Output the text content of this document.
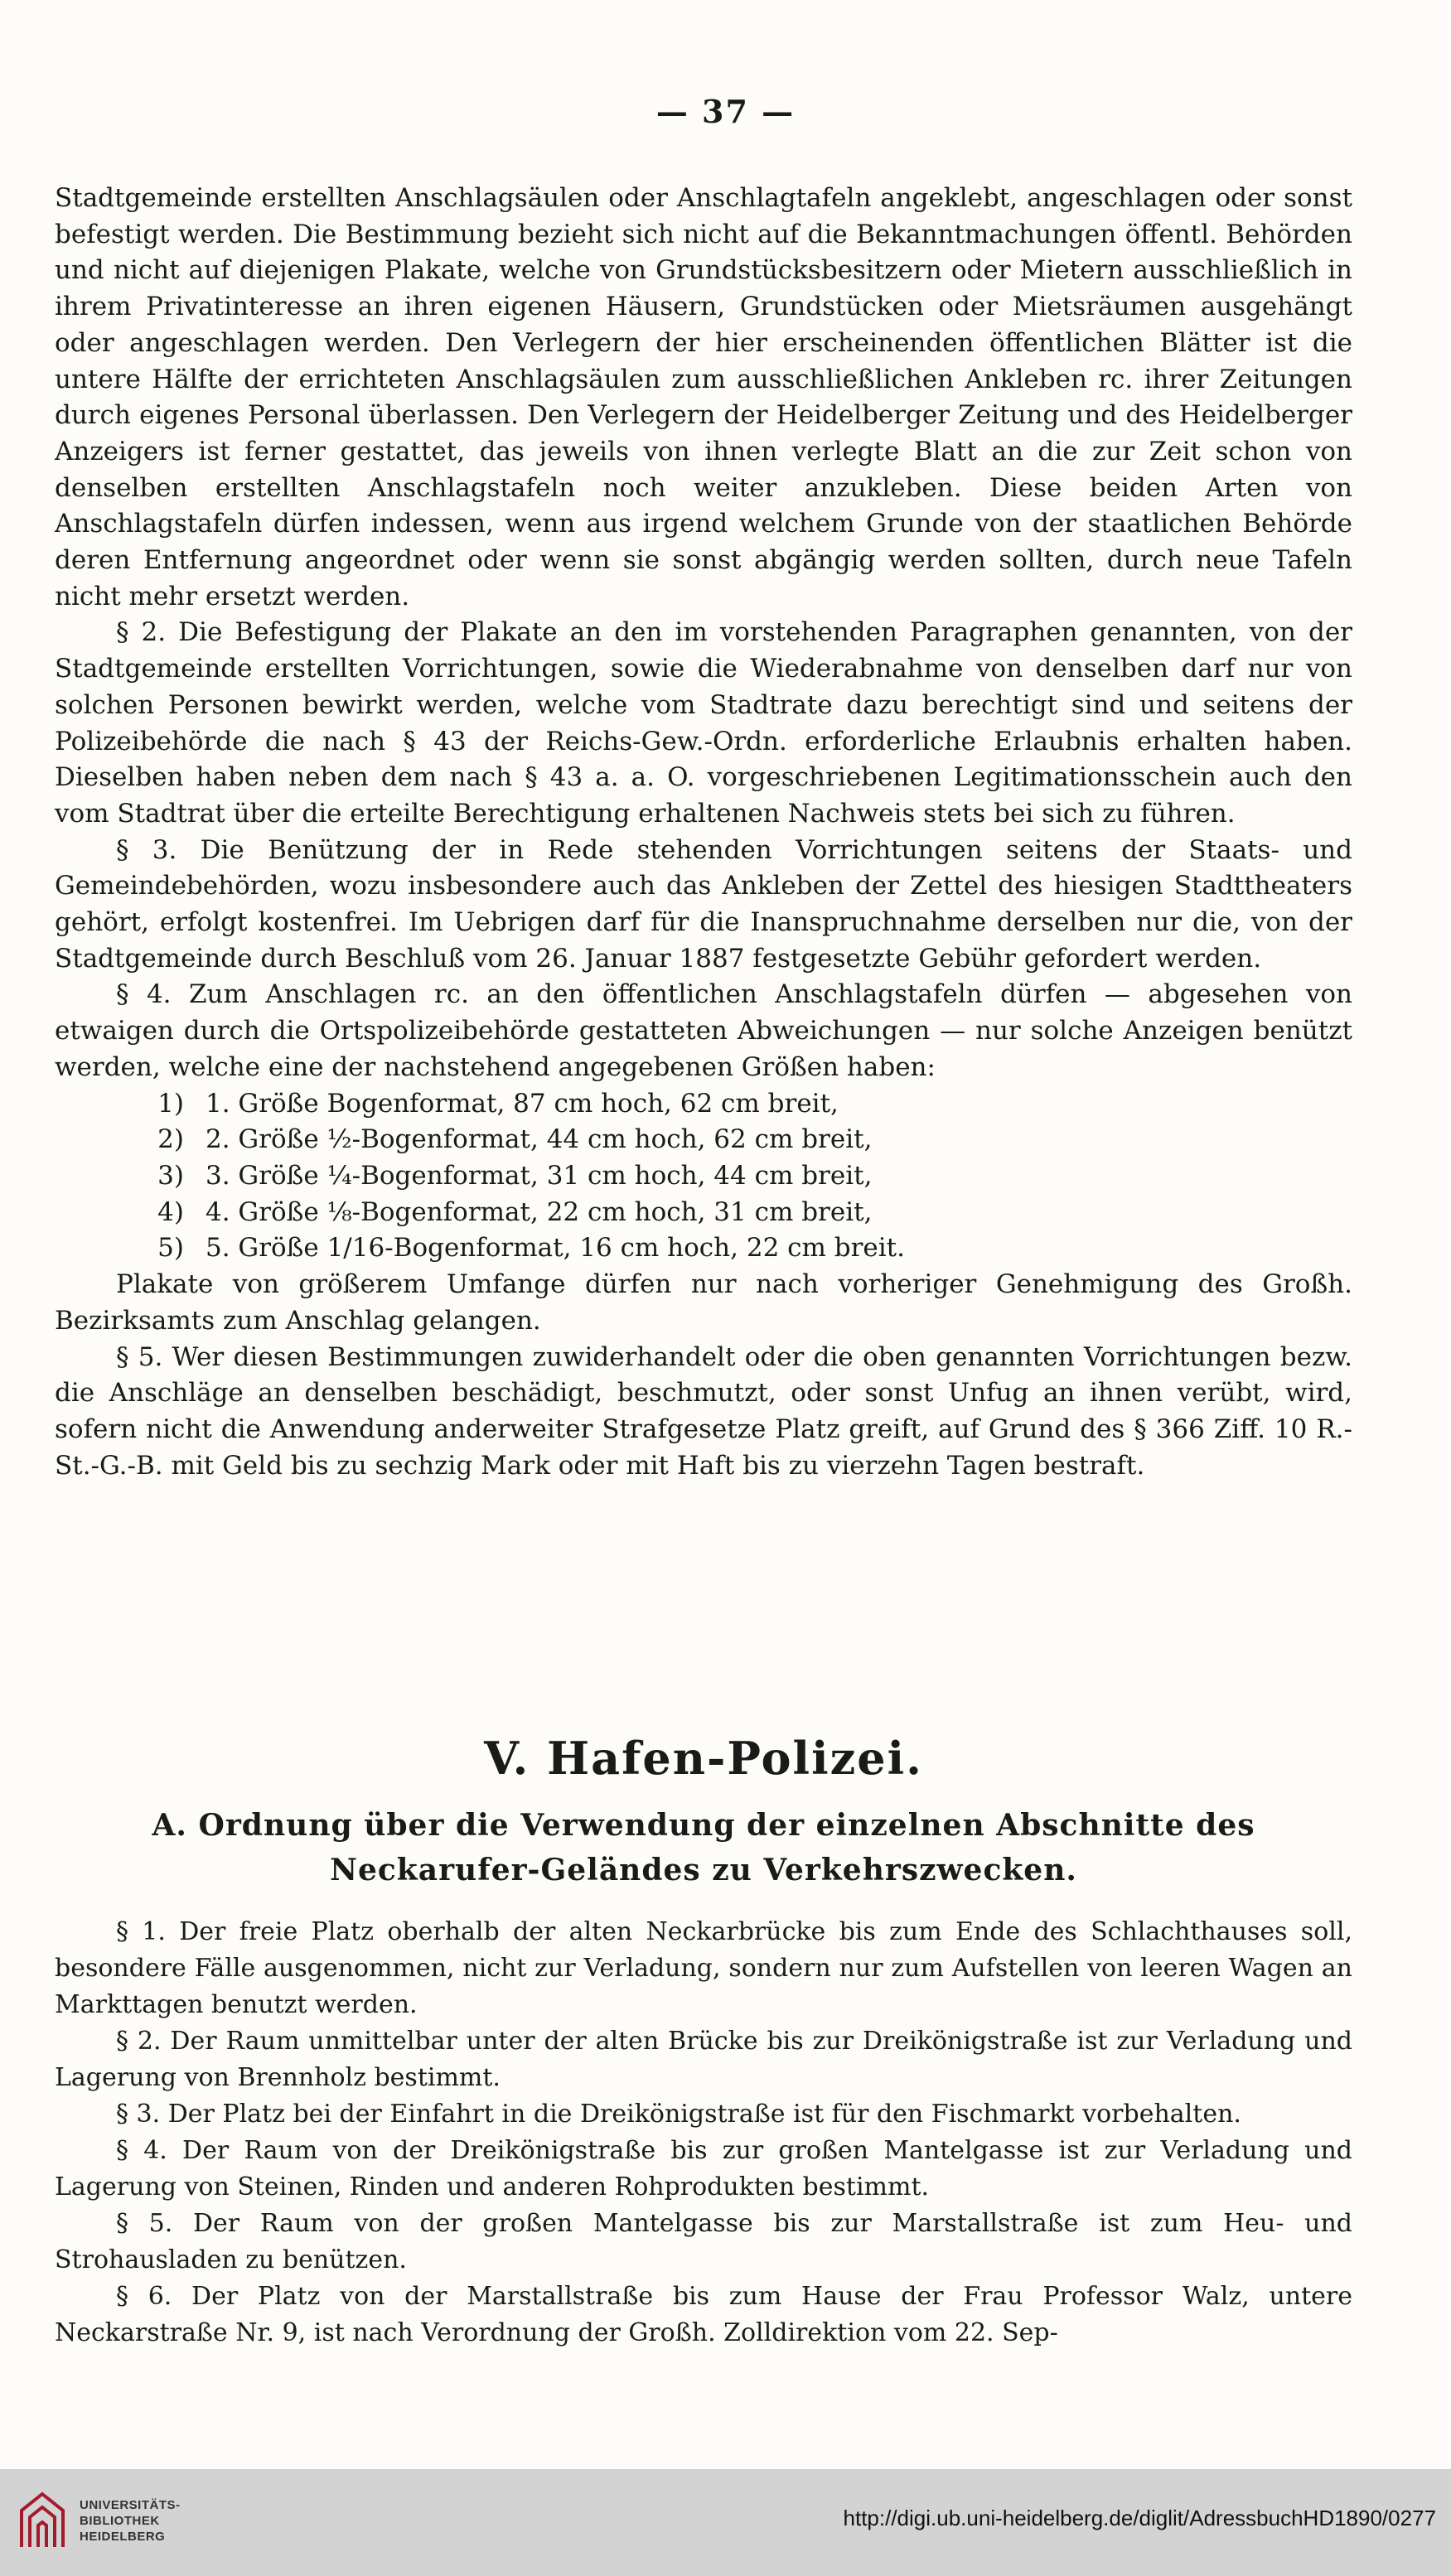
— 37 —

Stadtgemeinde erstellten Anschlagsäulen oder Anschlagtafeln angeklebt, angeschlagen oder sonst befestigt werden. Die Bestimmung bezieht sich nicht auf die Bekanntmachungen öffentl. Behörden und nicht auf diejenigen Plakate, welche von Grundstücksbesitzern oder Mietern ausschließlich in ihrem Privatinteresse an ihren eigenen Häusern, Grundstücken oder Mietsräumen ausgehängt oder angeschlagen werden. Den Verlegern der hier erscheinenden öffentlichen Blätter ist die untere Hälfte der errichteten Anschlagsäulen zum ausschließlichen Ankleben rc. ihrer Zeitungen durch eigenes Personal überlassen. Den Verlegern der Heidelberger Zeitung und des Heidelberger Anzeigers ist ferner gestattet, das jeweils von ihnen verlegte Blatt an die zur Zeit schon von denselben erstellten Anschlagstafeln noch weiter anzukleben. Diese beiden Arten von Anschlagstafeln dürfen indessen, wenn aus irgend welchem Grunde von der staatlichen Behörde deren Entfernung angeordnet oder wenn sie sonst abgängig werden sollten, durch neue Tafeln nicht mehr ersetzt werden.

§ 2. Die Befestigung der Plakate an den im vorstehenden Paragraphen genannten, von der Stadtgemeinde erstellten Vorrichtungen, sowie die Wiederabnahme von denselben darf nur von solchen Personen bewirkt werden, welche vom Stadtrate dazu berechtigt sind und seitens der Polizeibehörde die nach § 43 der Reichs-Gew.-Ordn. erforderliche Erlaubnis erhalten haben. Dieselben haben neben dem nach § 43 a. a. O. vorgeschriebenen Legitimationsschein auch den vom Stadtrat über die erteilte Berechtigung erhaltenen Nachweis stets bei sich zu führen.

§ 3. Die Benützung der in Rede stehenden Vorrichtungen seitens der Staats- und Gemeindebehörden, wozu insbesondere auch das Ankleben der Zettel des hiesigen Stadttheaters gehört, erfolgt kostenfrei. Im Uebrigen darf für die Inanspruchnahme derselben nur die, von der Stadtgemeinde durch Beschluß vom 26. Januar 1887 festgesetzte Gebühr gefordert werden.

§ 4. Zum Anschlagen rc. an den öffentlichen Anschlagstafeln dürfen — abgesehen von etwaigen durch die Ortspolizeibehörde gestatteten Abweichungen — nur solche Anzeigen benützt werden, welche eine der nachstehend angegebenen Größen haben:

1) 1. Größe Bogenformat, 87 cm hoch, 62 cm breit,
2) 2. Größe ½-Bogenformat, 44 cm hoch, 62 cm breit,
3) 3. Größe ¼-Bogenformat, 31 cm hoch, 44 cm breit,
4) 4. Größe ⅛-Bogenformat, 22 cm hoch, 31 cm breit,
5) 5. Größe 1/16-Bogenformat, 16 cm hoch, 22 cm breit.

Plakate von größerem Umfange dürfen nur nach vorheriger Genehmigung des Großh. Bezirksamts zum Anschlag gelangen.

§ 5. Wer diesen Bestimmungen zuwiderhandelt oder die oben genannten Vorrichtungen bezw. die Anschläge an denselben beschädigt, beschmutzt, oder sonst Unfug an ihnen verübt, wird, sofern nicht die Anwendung anderweiter Strafgesetze Platz greift, auf Grund des § 366 Ziff. 10 R.-St.-G.-B. mit Geld bis zu sechzig Mark oder mit Haft bis zu vierzehn Tagen bestraft.

V. Hafen-Polizei.
A. Ordnung über die Verwendung der einzelnen Abschnitte des
Neckarufer-Geländes zu Verkehrszwecken.

§ 1. Der freie Platz oberhalb der alten Neckarbrücke bis zum Ende des Schlachthauses soll, besondere Fälle ausgenommen, nicht zur Verladung, sondern nur zum Aufstellen von leeren Wagen an Markttagen benutzt werden.

§ 2. Der Raum unmittelbar unter der alten Brücke bis zur Dreikönigstraße ist zur Verladung und Lagerung von Brennholz bestimmt.

§ 3. Der Platz bei der Einfahrt in die Dreikönigstraße ist für den Fischmarkt vorbehalten.

§ 4. Der Raum von der Dreikönigstraße bis zur großen Mantelgasse ist zur Verladung und Lagerung von Steinen, Rinden und anderen Rohprodukten bestimmt.

§ 5. Der Raum von der großen Mantelgasse bis zur Marstallstraße ist zum Heu- und Strohausladen zu benützen.

§ 6. Der Platz von der Marstallstraße bis zum Hause der Frau Professor Walz, untere Neckarstraße Nr. 9, ist nach Verordnung der Großh. Zolldirektion vom 22. Sep-

UNIVERSITÄTS-
BIBLIOTHEK
HEIDELBERG
http://digi.ub.uni-heidelberg.de/diglit/AdressbuchHD1890/0277
